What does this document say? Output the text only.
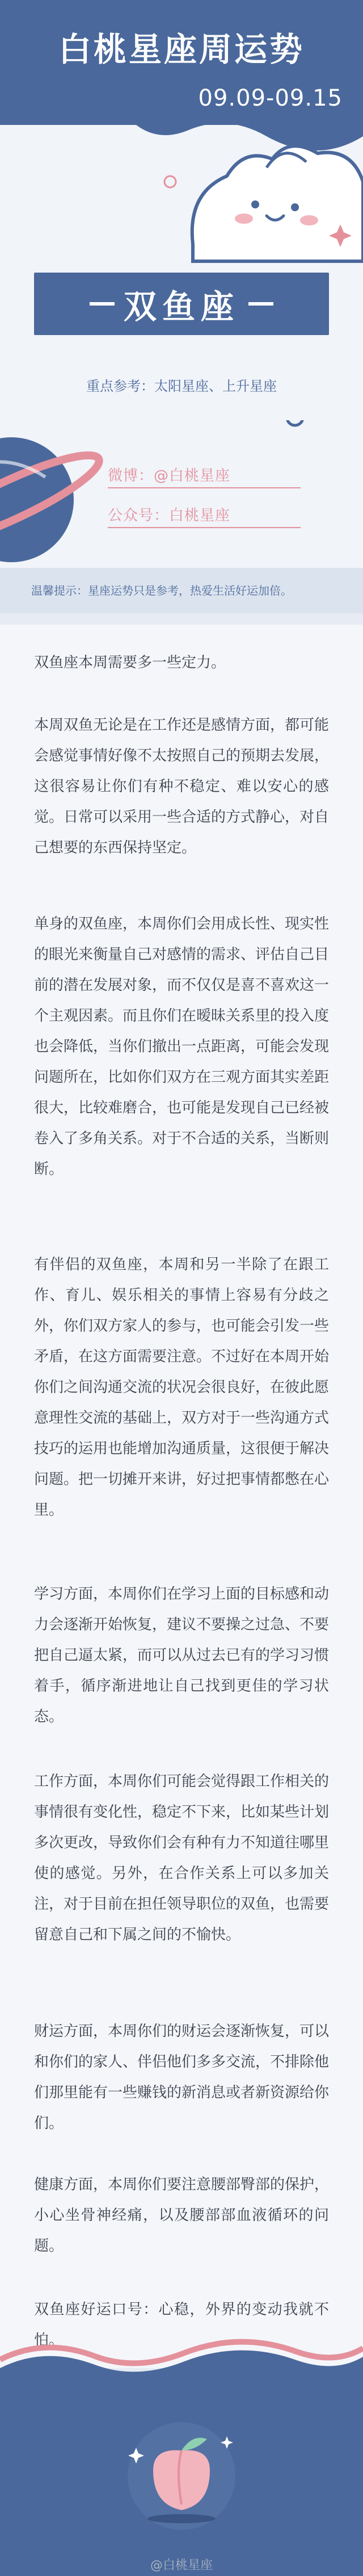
白桃星座周运势
09.09-09.15
双鱼座
重点参考：太阳星座、上升星座
微博：@白桃星座
公众号：白桃星座
温馨提示：星座运势只是参考，热爱生活好运加倍。
双鱼座本周需要多一些定力。
本周双鱼无论是在工作还是感情方面，都可能会感觉事情好像不太按照自己的预期去发展，这很容易让你们有种不稳定、难以安心的感觉。日常可以采用一些合适的方式静心，对自己想要的东西保持坚定。
单身的双鱼座，本周你们会用成长性、现实性的眼光来衡量自己对感情的需求、评估自己目前的潜在发展对象，而不仅仅是喜不喜欢这一个主观因素。而且你们在暧昧关系里的投入度也会降低，当你们撤出一点距离，可能会发现问题所在，比如你们双方在三观方面其实差距很大，比较难磨合，也可能是发现自己已经被卷入了多角关系。对于不合适的关系，当断则断。
有伴侣的双鱼座，本周和另一半除了在跟工作、育儿、娱乐相关的事情上容易有分歧之外，你们双方家人的参与，也可能会引发一些矛盾，在这方面需要注意。不过好在本周开始你们之间沟通交流的状况会很良好，在彼此愿意理性交流的基础上，双方对于一些沟通方式技巧的运用也能增加沟通质量，这很便于解决问题。把一切摊开来讲，好过把事情都憋在心里。
学习方面，本周你们在学习上面的目标感和动力会逐渐开始恢复，建议不要操之过急、不要把自己逼太紧，而可以从过去已有的学习习惯着手，循序渐进地让自己找到更佳的学习状态。
工作方面，本周你们可能会觉得跟工作相关的事情很有变化性，稳定不下来，比如某些计划多次更改，导致你们会有种有力不知道往哪里使的感觉。另外，在合作关系上可以多加关注，对于目前在担任领导职位的双鱼，也需要留意自己和下属之间的不愉快。
财运方面，本周你们的财运会逐渐恢复，可以和你们的家人、伴侣他们多多交流，不排除他们那里能有一些赚钱的新消息或者新资源给你们。
健康方面，本周你们要注意腰部臀部的保护，小心坐骨神经痛，以及腰部部血液循环的问题。
双鱼座好运口号：心稳，外界的变动我就不怕。
@白桃星座
